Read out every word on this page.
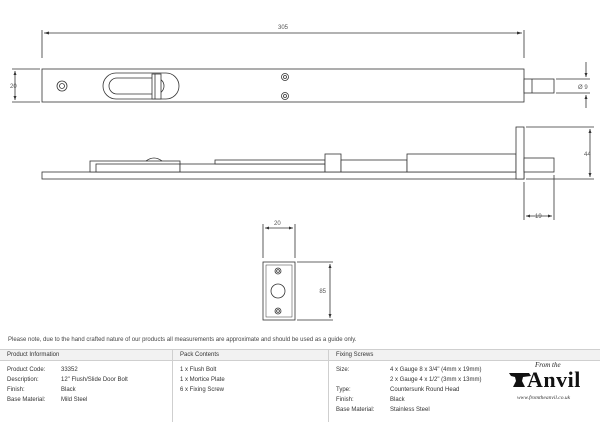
305
20	Ø 9
44
19
20
85
Please note, due to the hand crafted nature of our products all measurements are approximate and should be used as a guide only.
Product Information
Product Code:	33352
Description:	12" Flush/Slide Door Bolt
Finish:	Black
Base Material:	Mild Steel
Pack Contents
1 x Flush Bolt
1 x Mortice Plate
6 x Fixing Screw
Fixing Screws
Size:	4 x Gauge 8 x 3/4" (4mm x 19mm)
2 x Gauge 4 x 1/2" (3mm x 13mm)
Type:	Countersunk Round Head
Finish:	Black
Base Material:	Stainless Steel
From the
Anvil
www.fromtheanvil.co.uk
